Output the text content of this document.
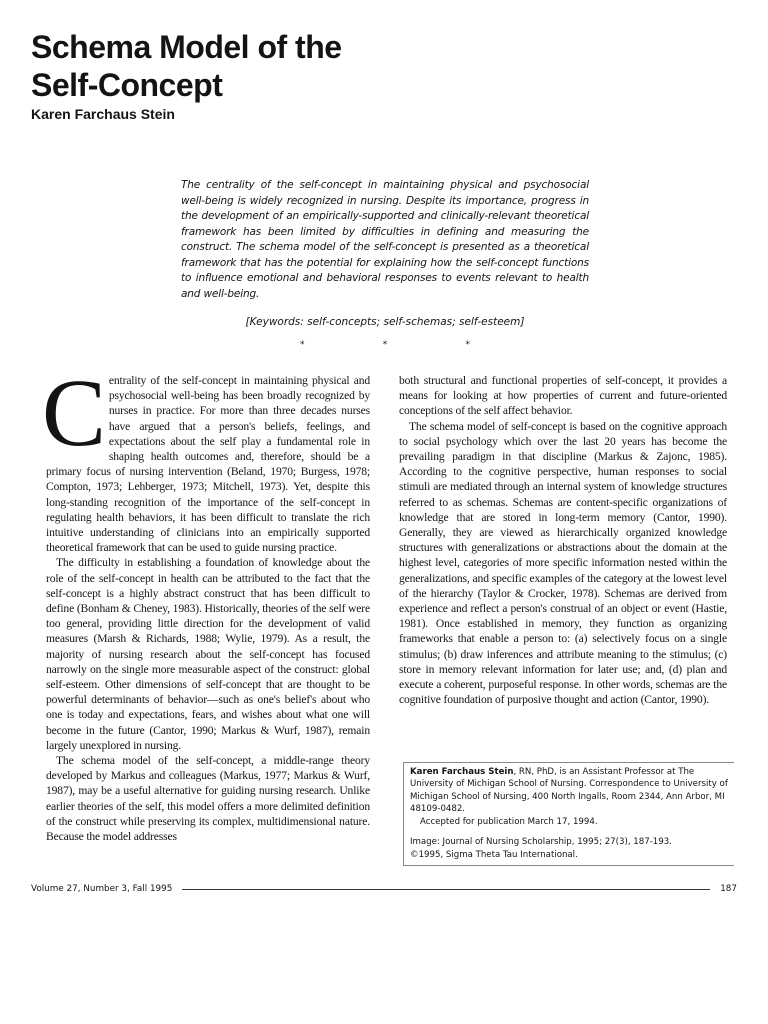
Schema Model of the
Self-Concept

Karen Farchaus Stein

The centrality of the self-concept in maintaining physical and psychosocial well-being is widely recognized in nursing. Despite its importance, progress in the development of an empirically-supported and clinically-relevant theoretical framework has been limited by difficulties in defining and measuring the construct. The schema model of the self-concept is presented as a theoretical framework that has the potential for explaining how the self-concept functions to influence emotional and behavioral responses to events relevant to health and well-being.

[Keywords: self-concepts; self-schemas; self-esteem]

*	*	*

Centrality of the self-concept in maintaining physical and psychosocial well-being has been broadly recognized by nurses in practice. For more than three decades nurses have argued that a person's beliefs, feelings, and expectations about the self play a fundamental role in shaping health outcomes and, therefore, should be a primary focus of nursing intervention (Beland, 1970; Burgess, 1978; Compton, 1973; Lehberger, 1973; Mitchell, 1973). Yet, despite this long-standing recognition of the importance of the self-concept in regulating health behaviors, it has been difficult to translate the rich intuitive understanding of clinicians into an empirically supported theoretical framework that can be used to guide nursing practice.

The difficulty in establishing a foundation of knowledge about the role of the self-concept in health can be attributed to the fact that the self-concept is a highly abstract construct that has been difficult to define (Bonham & Cheney, 1983). Historically, theories of the self were too general, providing little direction for the development of valid measures (Marsh & Richards, 1988; Wylie, 1979). As a result, the majority of nursing research about the self-concept has focused narrowly on the single more measurable aspect of the construct: global self-esteem. Other dimensions of self-concept that are thought to be powerful determinants of behavior—such as one's belief's about who one is today and expectations, fears, and wishes about what one will become in the future (Cantor, 1990; Markus & Wurf, 1987), remain largely unexplored in nursing.

The schema model of the self-concept, a middle-range theory developed by Markus and colleagues (Markus, 1977; Markus & Wurf, 1987), may be a useful alternative for guiding nursing research. Unlike earlier theories of the self, this model offers a more delimited definition of the construct while preserving its complex, multidimensional nature. Because the model addresses

both structural and functional properties of self-concept, it provides a means for looking at how properties of current and future-oriented conceptions of the self affect behavior.

The schema model of self-concept is based on the cognitive approach to social psychology which over the last 20 years has become the prevailing paradigm in that discipline (Markus & Zajonc, 1985). According to the cognitive perspective, human responses to social stimuli are mediated through an internal system of knowledge structures referred to as schemas. Schemas are content-specific organizations of knowledge that are stored in long-term memory (Cantor, 1990). Generally, they are viewed as hierarchically organized knowledge structures with generalizations or abstractions about the domain at the highest level, categories of more specific information nested within the generalizations, and specific examples of the category at the lowest level of the hierarchy (Taylor & Crocker, 1978). Schemas are derived from experience and reflect a person's construal of an object or event (Hastie, 1981). Once established in memory, they function as organizing frameworks that enable a person to: (a) selectively focus on a single stimulus; (b) draw inferences and attribute meaning to the stimulus; (c) store in memory relevant information for later use; and, (d) plan and execute a coherent, purposeful response. In other words, schemas are the cognitive foundation of purposive thought and action (Cantor, 1990).

Karen Farchaus Stein, RN, PhD, is an Assistant Professor at The University of Michigan School of Nursing. Correspondence to University of Michigan School of Nursing, 400 North Ingalls, Room 2344, Ann Arbor, MI 48109-0482.

Accepted for publication March 17, 1994.

Image: Journal of Nursing Scholarship, 1995; 27(3), 187-193.

©1995, Sigma Theta Tau International.

Volume 27, Number 3, Fall 1995	187
